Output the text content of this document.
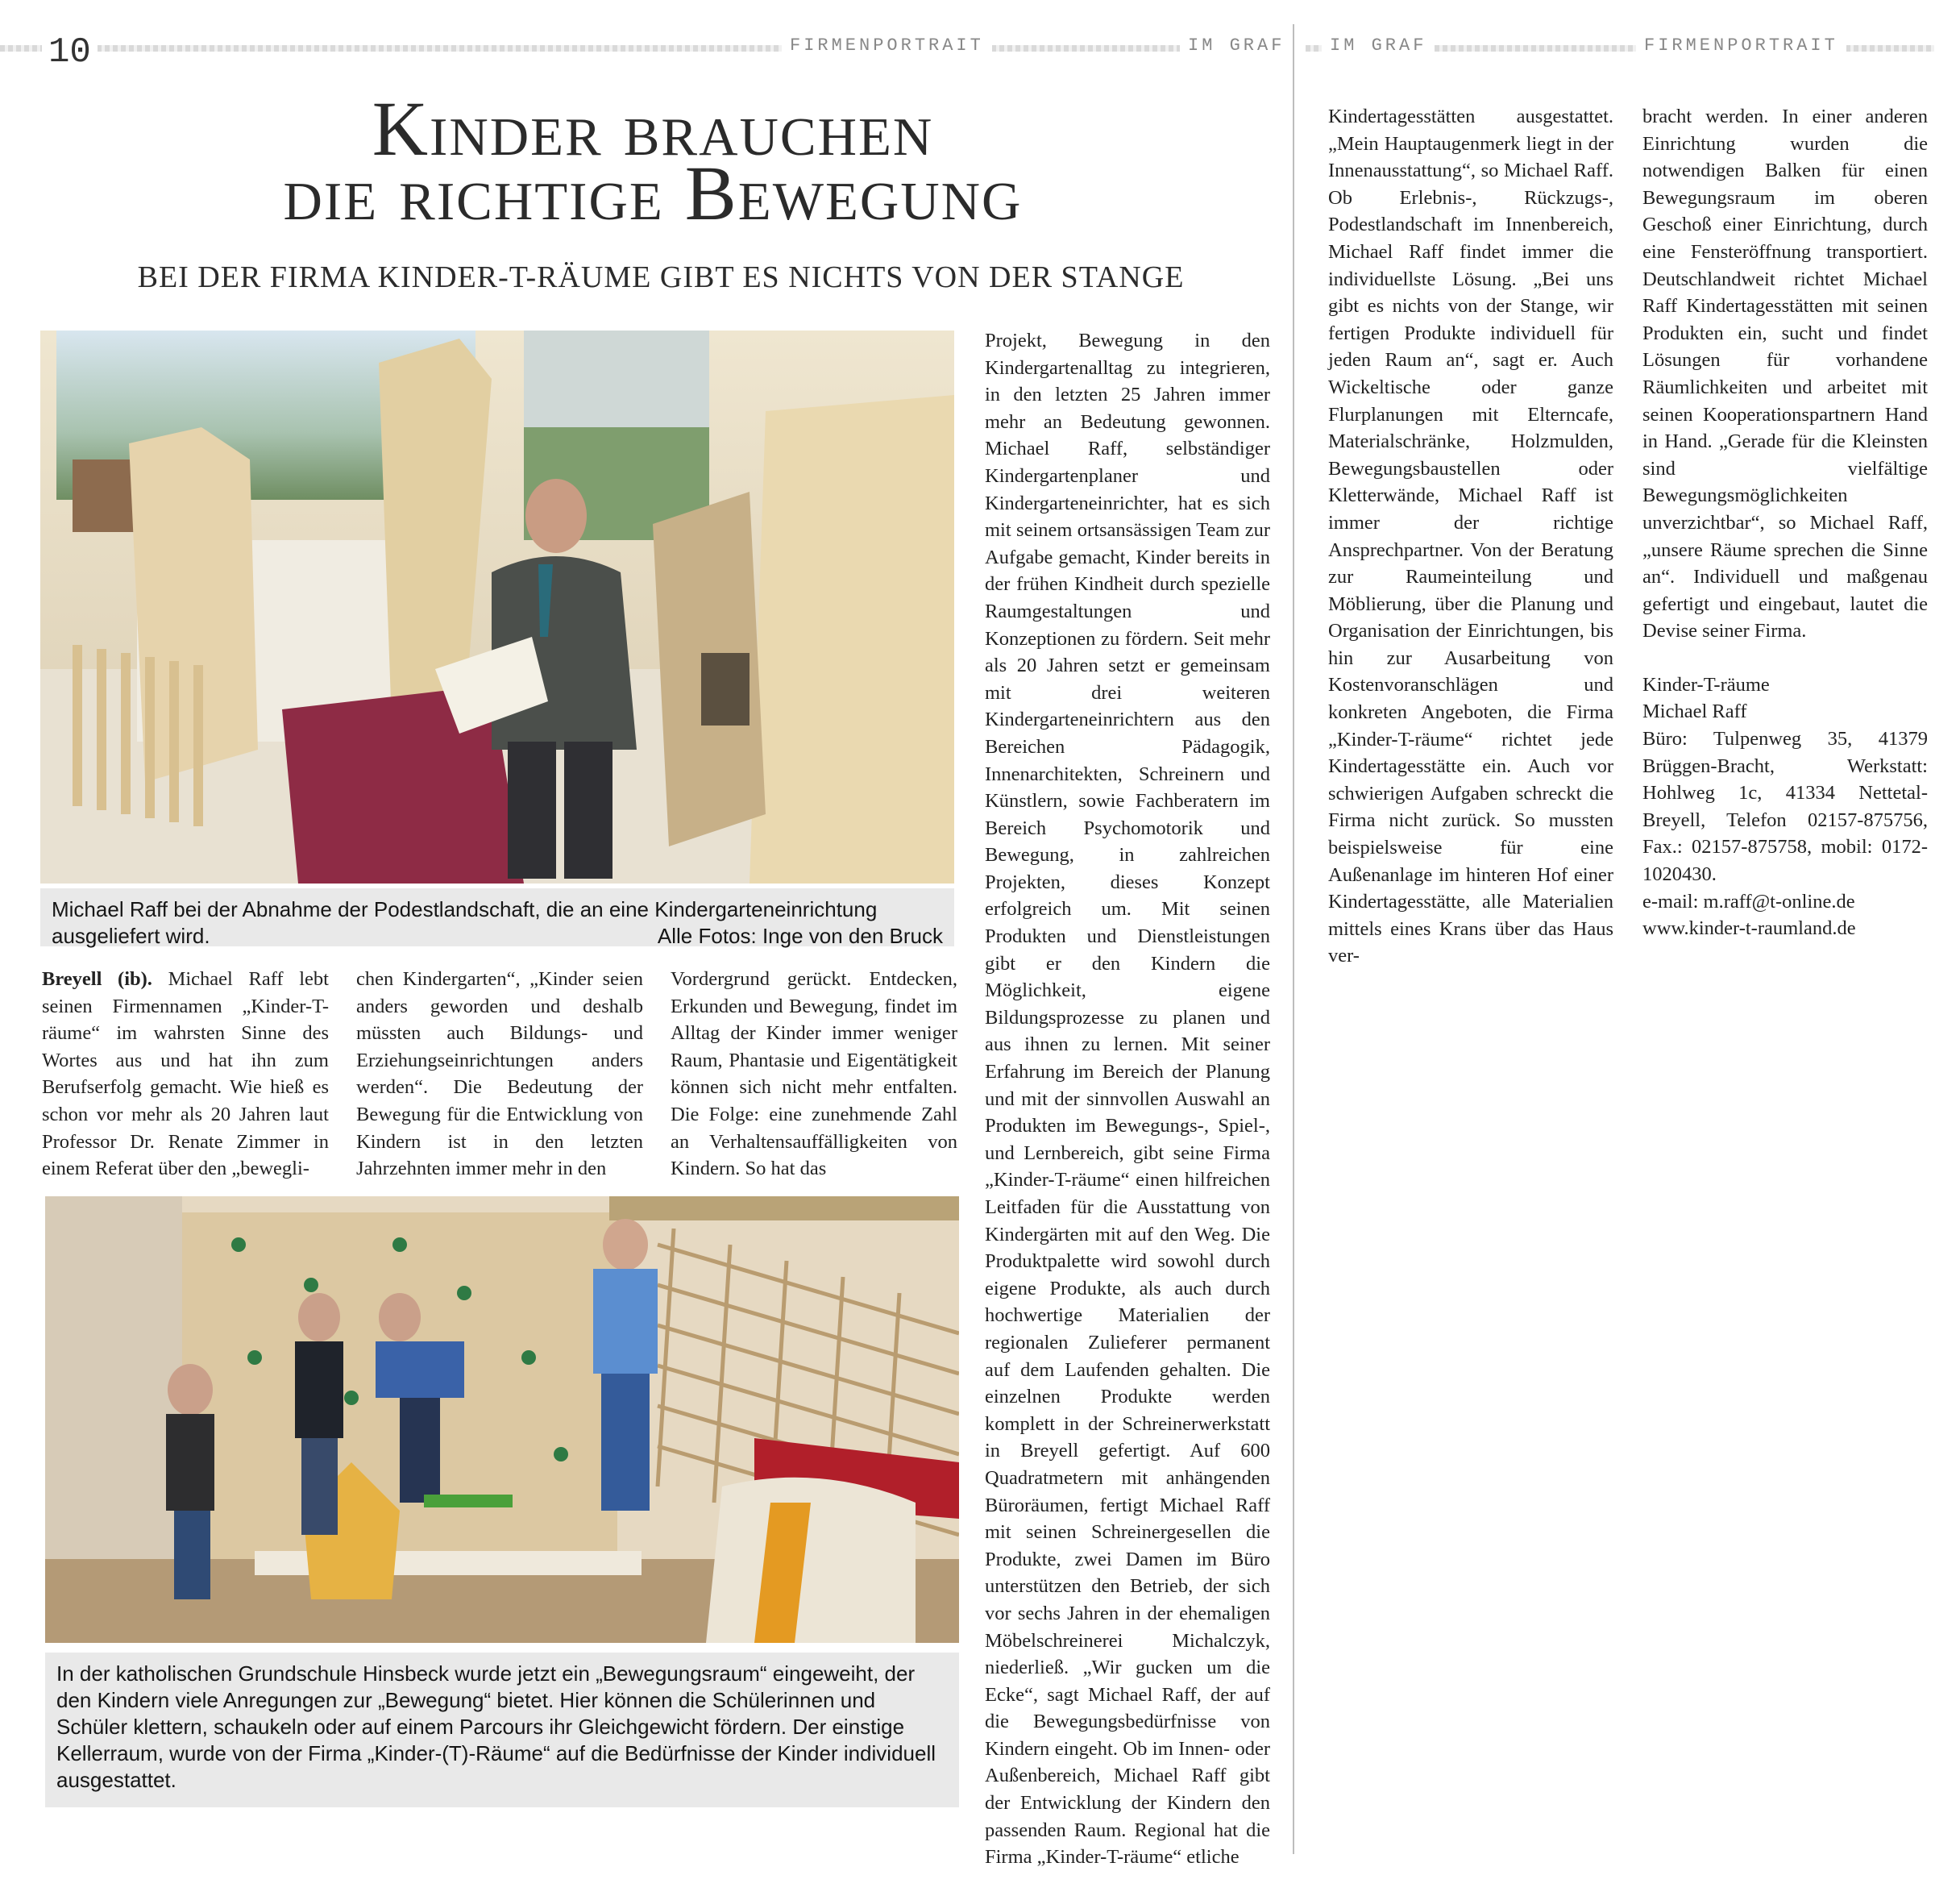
10	FIRMENPORTRAIT	IM GRAF	IM GRAF	FIRMENPORTRAIT
Kinder brauchen
die richtige Bewegung
BEI DER FIRMA KINDER-T-RÄUME GIBT ES NICHTS VON DER STANGE
Michael Raff bei der Abnahme der Podestlandschaft, die an eine Kindergarteneinrichtung ausgeliefert wird.	Alle Fotos: Inge von den Bruck

Breyell (ib). Michael Raff lebt seinen Firmennamen „Kinder-T-räume“ im wahrsten Sinne des Wortes aus und hat ihn zum Berufserfolg gemacht. Wie hieß es schon vor mehr als 20 Jahren laut Professor Dr. Renate Zimmer in einem Referat über den „bewegli-

chen Kindergarten“, „Kinder seien anders geworden und deshalb müssten auch Bildungs- und Erziehungseinrichtungen anders werden“. Die Bedeutung der Bewegung für die Entwicklung von Kindern ist in den letzten Jahrzehnten immer mehr in den

Vordergrund gerückt. Entdecken, Erkunden und Bewegung, findet im Alltag der Kinder immer weniger Raum, Phantasie und Eigentätigkeit können sich nicht mehr entfalten. Die Folge: eine zunehmende Zahl an Verhaltensauffälligkeiten von Kindern. So hat das

In der katholischen Grundschule Hinsbeck wurde jetzt ein „Bewegungsraum“ eingeweiht, der den Kindern viele Anregungen zur „Bewegung“ bietet. Hier können die Schülerinnen und Schüler klettern, schaukeln oder auf einem Parcours ihr Gleichgewicht fördern. Der einstige Kellerraum, wurde von der Firma „Kinder-(T)-Räume“ auf die Bedürfnisse der Kinder individuell ausgestattet.

Projekt, Bewegung in den Kindergartenalltag zu integrieren, in den letzten 25 Jahren immer mehr an Bedeutung gewonnen. Michael Raff, selbständiger Kindergartenplaner und Kindergarteneinrichter, hat es sich mit seinem ortsansässigen Team zur Aufgabe gemacht, Kinder bereits in der frühen Kindheit durch spezielle Raumgestaltungen und Konzeptionen zu fördern. Seit mehr als 20 Jahren setzt er gemeinsam mit drei weiteren Kindergarteneinrichtern aus den Bereichen Pädagogik, Innenarchitekten, Schreinern und Künstlern, sowie Fachberatern im Bereich Psychomotorik und Bewegung, in zahlreichen Projekten, dieses Konzept erfolgreich um. Mit seinen Produkten und Dienstleistungen gibt er den Kindern die Möglichkeit, eigene Bildungsprozesse zu planen und aus ihnen zu lernen. Mit seiner Erfahrung im Bereich der Planung und mit der sinnvollen Auswahl an Produkten im Bewegungs-, Spiel-, und Lernbereich, gibt seine Firma „Kinder-T-räume“ einen hilfreichen Leitfaden für die Ausstattung von Kindergärten mit auf den Weg. Die Produktpalette wird sowohl durch eigene Produkte, als auch durch hochwertige Materialien der regionalen Zulieferer permanent auf dem Laufenden gehalten. Die einzelnen Produkte werden komplett in der Schreinerwerkstatt in Breyell gefertigt. Auf 600 Quadratmetern mit anhängenden Büroräumen, fertigt Michael Raff mit seinen Schreinergesellen die Produkte, zwei Damen im Büro unterstützen den Betrieb, der sich vor sechs Jahren in der ehemaligen Möbelschreinerei Michalczyk, niederließ. „Wir gucken um die Ecke“, sagt Michael Raff, der auf die Bewegungsbedürfnisse von Kindern eingeht. Ob im Innen- oder Außenbereich, Michael Raff gibt der Entwicklung der Kindern den passenden Raum. Regional hat die Firma „Kinder-T-räume“ etliche

Kindertagesstätten ausgestattet. „Mein Hauptaugenmerk liegt in der Innenausstattung“, so Michael Raff. Ob Erlebnis-, Rückzugs-, Podestlandschaft im Innenbereich, Michael Raff findet immer die individuellste Lösung. „Bei uns gibt es nichts von der Stange, wir fertigen Produkte individuell für jeden Raum an“, sagt er. Auch Wickeltische oder ganze Flurplanungen mit Elterncafe, Materialschränke, Holzmulden, Bewegungsbaustellen oder Kletterwände, Michael Raff ist immer der richtige Ansprechpartner. Von der Beratung zur Raumeinteilung und Möblierung, über die Planung und Organisation der Einrichtungen, bis hin zur Ausarbeitung von Kostenvoranschlägen und konkreten Angeboten, die Firma „Kinder-T-räume“ richtet jede Kindertagesstätte ein. Auch vor schwierigen Aufgaben schreckt die Firma nicht zurück. So mussten beispielsweise für eine Außenanlage im hinteren Hof einer Kindertagesstätte, alle Materialien mittels eines Krans über das Haus ver-

bracht werden. In einer anderen Einrichtung wurden die notwendigen Balken für einen Bewegungsraum im oberen Geschoß einer Einrichtung, durch eine Fensteröffnung transportiert. Deutschlandweit richtet Michael Raff Kindertagesstätten mit seinen Produkten ein, sucht und findet Lösungen für vorhandene Räumlichkeiten und arbeitet mit seinen Kooperationspartnern Hand in Hand. „Gerade für die Kleinsten sind vielfältige Bewegungsmöglichkeiten unverzichtbar“, so Michael Raff, „unsere Räume sprechen die Sinne an“. Individuell und maßgenau gefertigt und eingebaut, lautet die Devise seiner Firma.

Kinder-T-räume
Michael Raff
Büro: Tulpenweg 35, 41379 Brüggen-Bracht, Werkstatt: Hohlweg 1c, 41334 Nettetal-Breyell, Telefon 02157-875756, Fax.: 02157-875758, mobil: 0172-1020430.
e-mail: m.raff@t-online.de
www.kinder-t-raumland.de
